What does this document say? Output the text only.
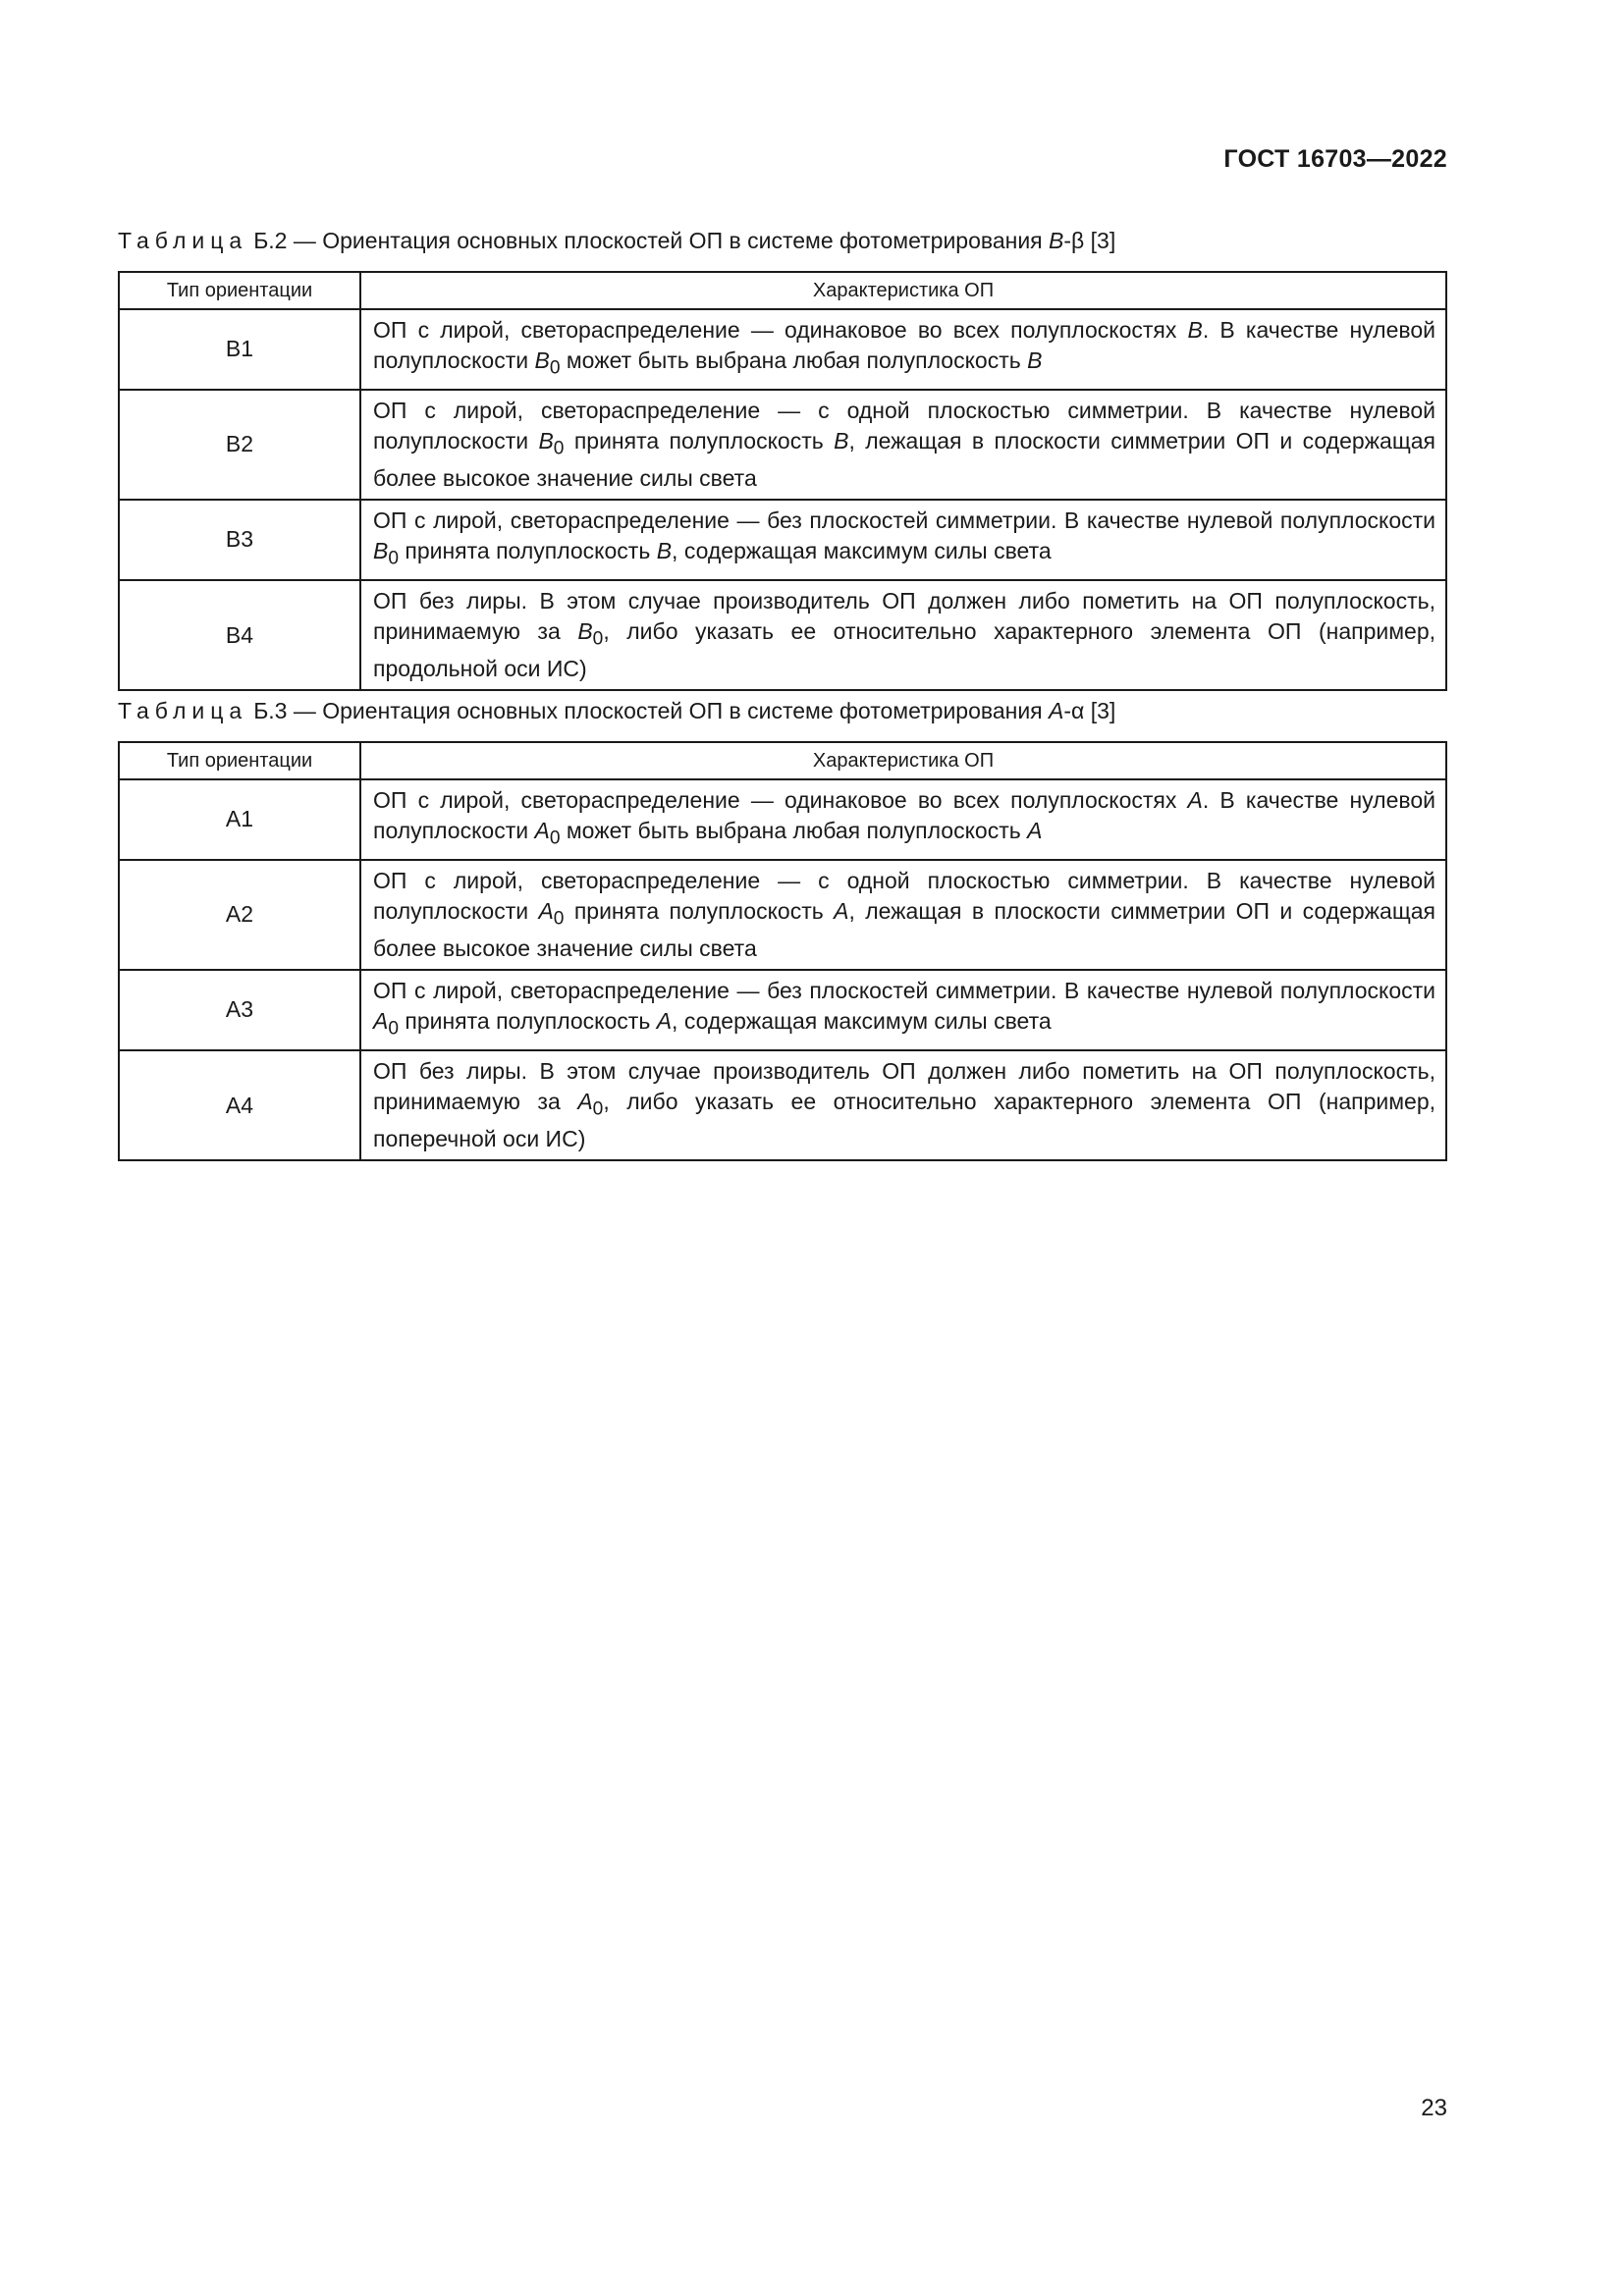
ГОСТ 16703—2022
Таблица Б.2 — Ориентация основных плоскостей ОП в системе фотометрирования B-β [3]
Тип ориентации	Характеристика ОП
B1	ОП с лирой, светораспределение — одинаковое во всех полуплоскостях B. В качестве нулевой полуплоскости $B_0$ может быть выбрана любая полуплоскость B
B2	ОП с лирой, светораспределение — с одной плоскостью симметрии. В качестве нулевой полуплоскости $B_0$ принята полуплоскость B, лежащая в плоскости симметрии ОП и содержащая более высокое значение силы света
B3	ОП с лирой, светораспределение — без плоскостей симметрии. В качестве нулевой полуплоскости $B_0$ принята полуплоскость B, содержащая максимум силы света
B4	ОП без лиры. В этом случае производитель ОП должен либо пометить на ОП полуплоскость, принимаемую за $B_0$, либо указать ее относительно характерного элемента ОП (например, продольной оси ИС)
Таблица Б.3 — Ориентация основных плоскостей ОП в системе фотометрирования A-α [3]
Тип ориентации	Характеристика ОП
A1	ОП с лирой, светораспределение — одинаковое во всех полуплоскостях A. В качестве нулевой полуплоскости $A_0$ может быть выбрана любая полуплоскость A
A2	ОП с лирой, светораспределение — с одной плоскостью симметрии. В качестве нулевой полуплоскости $A_0$ принята полуплоскость A, лежащая в плоскости симметрии ОП и содержащая более высокое значение силы света
A3	ОП с лирой, светораспределение — без плоскостей симметрии. В качестве нулевой полуплоскости $A_0$ принята полуплоскость A, содержащая максимум силы света
A4	ОП без лиры. В этом случае производитель ОП должен либо пометить на ОП полуплоскость, принимаемую за $A_0$, либо указать ее относительно характерного элемента ОП (например, поперечной оси ИС)
23
